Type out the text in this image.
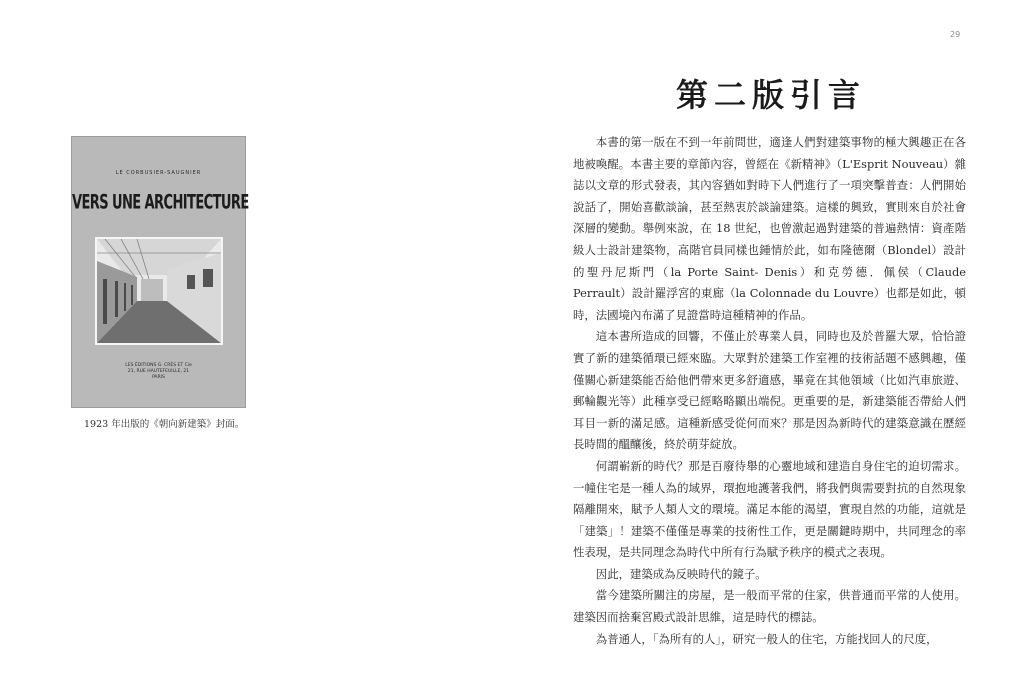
29
第二版引言
LE CORBUSIER-SAUGNIER
VERS UNE ARCHITECTURE
LES ÉDITIONS G. CRÈS ET Cie
21, RUE HAUTEFEUILLE, 21
PARIS
1923 年出版的《朝向新建築》封面。

本書的第一版在不到一年前問世，適逢人們對建築事物的極大興趣正在各地被喚醒。本書主要的章節內容，曾經在《新精神》（L'Esprit Nouveau）雜誌以文章的形式發表，其內容猶如對時下人們進行了一項突擊普查：人們開始說話了，開始喜歡談論，甚至熱衷於談論建築。這樣的興致，實則來自於社會深層的變動。舉例來說，在 18 世紀，也曾激起過對建築的普遍熱情：資產階級人士設計建築物，高階官員同樣也鍾情於此，如布隆德爾（Blondel）設計的聖丹尼斯門（la Porte Saint- Denis）和克勞德．佩侯（Claude Perrault）設計羅浮宮的東廊（la Colonnade du Louvre）也都是如此，頓時，法國境內布滿了見證當時這種精神的作品。

這本書所造成的回響，不僅止於專業人員，同時也及於普羅大眾，恰恰證實了新的建築循環已經來臨。大眾對於建築工作室裡的技術話題不感興趣，僅僅關心新建築能否給他們帶來更多舒適感，畢竟在其他領域（比如汽車旅遊、郵輪觀光等）此種享受已經略略顯出端倪。更重要的是，新建築能否帶給人們耳目一新的滿足感。這種新感受從何而來？那是因為新時代的建築意識在歷經長時間的醞釀後，終於萌芽綻放。

何謂嶄新的時代？那是百廢待舉的心靈地域和建造自身住宅的迫切需求。一幢住宅是一種人為的域界，環抱地護著我們，將我們與需要對抗的自然現象隔離開來，賦予人類人文的環境。滿足本能的渴望，實現自然的功能，這就是「建築」！建築不僅僅是專業的技術性工作，更是關鍵時期中，共同理念的率性表現，是共同理念為時代中所有行為賦予秩序的模式之表現。

因此，建築成為反映時代的鏡子。

當今建築所關注的房屋，是一般而平常的住家，供普通而平常的人使用。建築因而捨棄宮殿式設計思維，這是時代的標誌。

為普通人，「為所有的人」，研究一般人的住宅，方能找回人的尺度，
